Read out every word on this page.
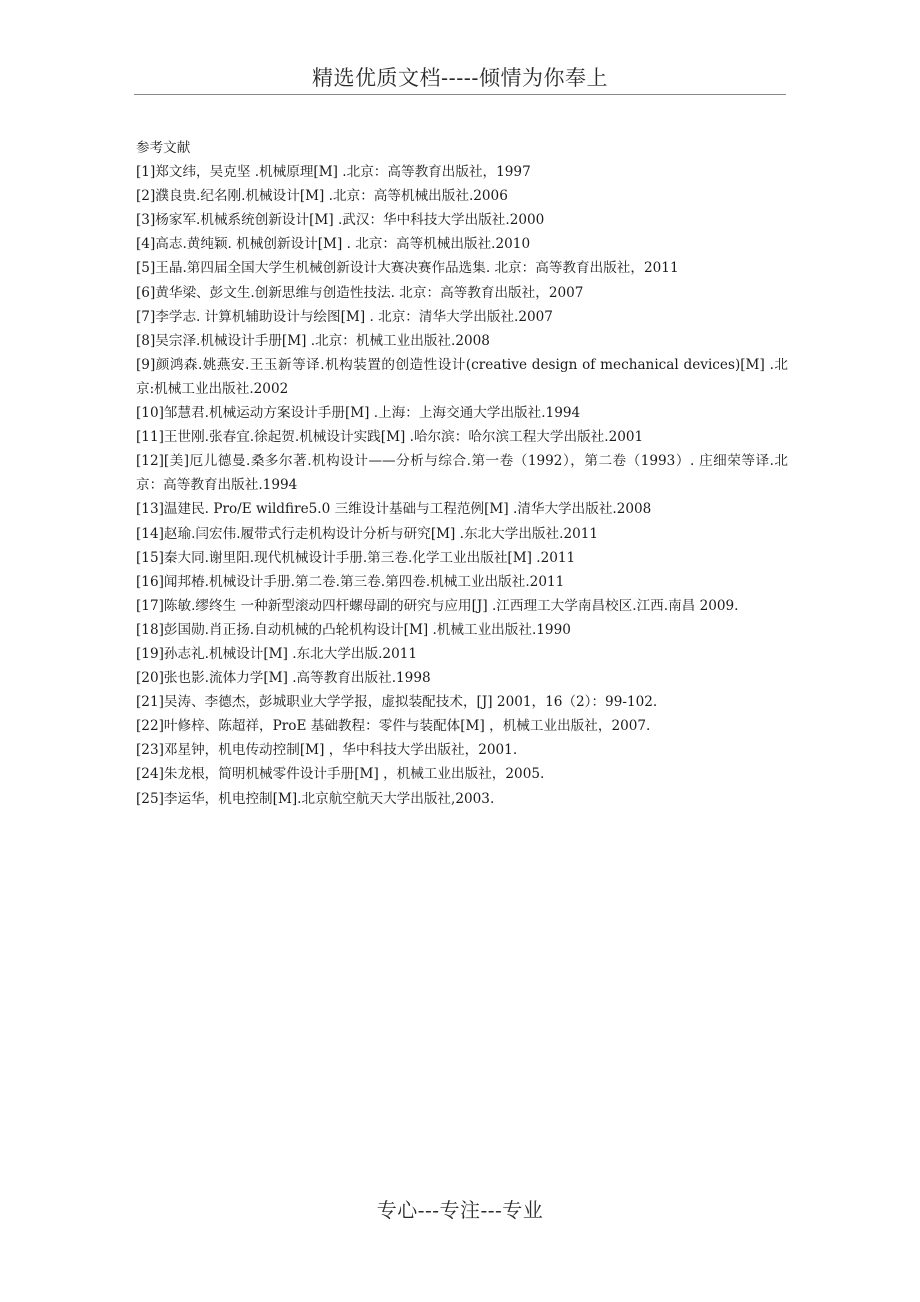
精选优质文档-----倾情为你奉上
参考文献
[1]郑文纬，吴克坚 .机械原理[M] .北京：高等教育出版社，1997
[2]濮良贵.纪名刚.机械设计[M] .北京：高等机械出版社.2006
[3]杨家军.机械系统创新设计[M] .武汉：华中科技大学出版社.2000
[4]高志.黄纯颖. 机械创新设计[M] . 北京：高等机械出版社.2010
[5]王晶.第四届全国大学生机械创新设计大赛决赛作品选集. 北京：高等教育出版社，2011
[6]黄华梁、彭文生.创新思维与创造性技法. 北京：高等教育出版社，2007
[7]李学志. 计算机辅助设计与绘图[M] . 北京：清华大学出版社.2007
[8]吴宗泽.机械设计手册[M] .北京：机械工业出版社.2008
[9]颜鸿森.姚燕安.王玉新等译.机构装置的创造性设计(creative design of mechanical devices)[M] .北京:机械工业出版社.2002
[10]邹慧君.机械运动方案设计手册[M] .上海：上海交通大学出版社.1994
[11]王世刚.张春宜.徐起贺.机械设计实践[M] .哈尔滨：哈尔滨工程大学出版社.2001
[12][美]厄儿德曼.桑多尔著.机构设计——分析与综合.第一卷（1992），第二卷（1993）. 庄细荣等译.北京：高等教育出版社.1994
[13]温建民. Pro/E wildfire5.0 三维设计基础与工程范例[M] .清华大学出版社.2008
[14]赵瑜.闫宏伟.履带式行走机构设计分析与研究[M] .东北大学出版社.2011
[15]秦大同.谢里阳.现代机械设计手册.第三卷.化学工业出版社[M] .2011
[16]闻邦椿.机械设计手册.第二卷.第三卷.第四卷.机械工业出版社.2011
[17]陈敏.缪终生 一种新型滚动四杆螺母副的研究与应用[J] .江西理工大学南昌校区.江西.南昌 2009.
[18]彭国勋.肖正扬.自动机械的凸轮机构设计[M] .机械工业出版社.1990
[19]孙志礼.机械设计[M] .东北大学出版.2011
[20]张也影.流体力学[M] .高等教育出版社.1998
[21]吴涛、李德杰，彭城职业大学学报，虚拟装配技术，[J] 2001，16（2）：99-102.
[22]叶修梓、陈超祥，ProE 基础教程：零件与装配体[M] ，机械工业出版社，2007.
[23]邓星钟，机电传动控制[M] ，华中科技大学出版社，2001.
[24]朱龙根，简明机械零件设计手册[M] ，机械工业出版社，2005.
[25]李运华，机电控制[M].北京航空航天大学出版社,2003.
专心---专注---专业
